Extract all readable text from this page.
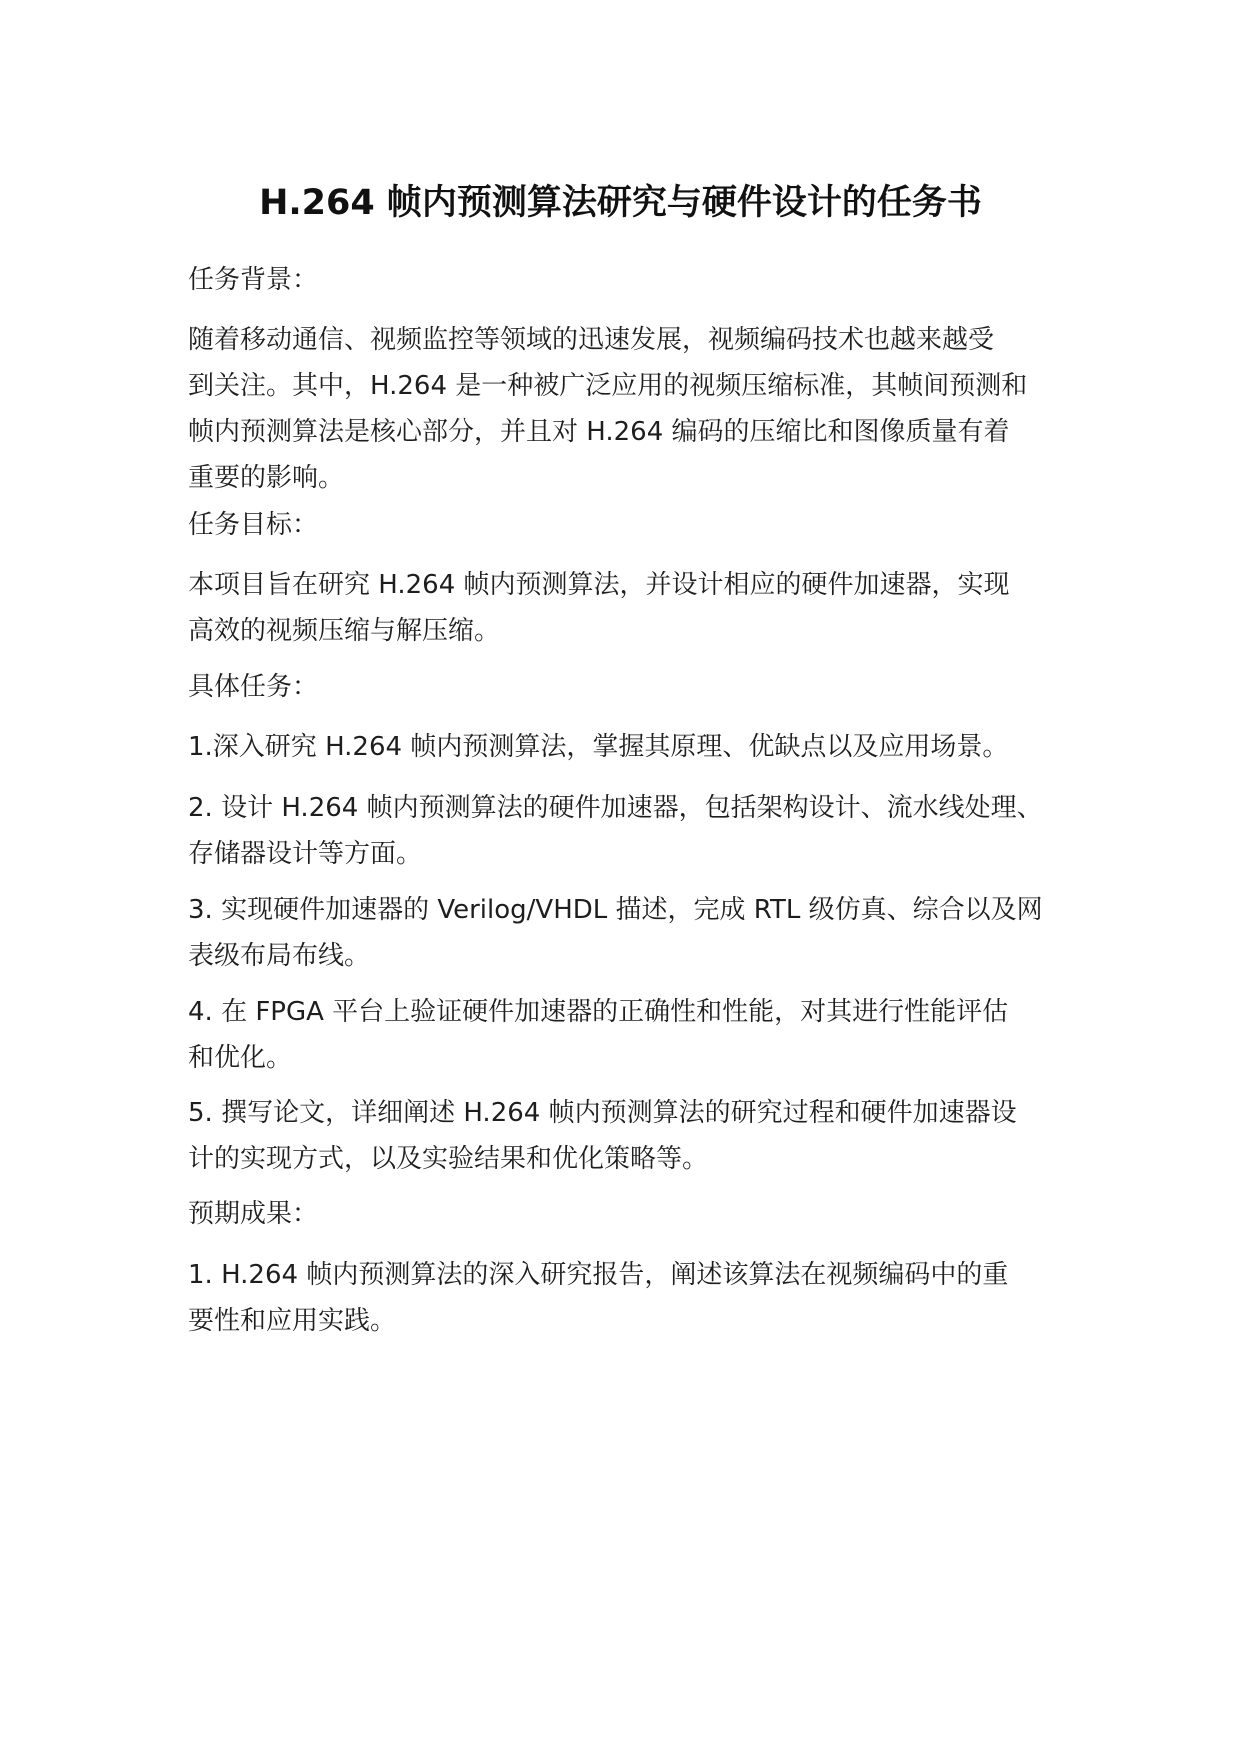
H.264 帧内预测算法研究与硬件设计的任务书
任务背景：
随着移动通信、视频监控等领域的迅速发展，视频编码技术也越来越受
到关注。其中，H.264 是一种被广泛应用的视频压缩标准，其帧间预测和
帧内预测算法是核心部分，并且对 H.264 编码的压缩比和图像质量有着
重要的影响。
任务目标：
本项目旨在研究 H.264 帧内预测算法，并设计相应的硬件加速器，实现
高效的视频压缩与解压缩。
具体任务：
1.深入研究 H.264 帧内预测算法，掌握其原理、优缺点以及应用场景。
2. 设计 H.264 帧内预测算法的硬件加速器，包括架构设计、流水线处理、
存储器设计等方面。
3. 实现硬件加速器的 Verilog/VHDL 描述，完成 RTL 级仿真、综合以及网
表级布局布线。
4. 在 FPGA 平台上验证硬件加速器的正确性和性能，对其进行性能评估
和优化。
5. 撰写论文，详细阐述 H.264 帧内预测算法的研究过程和硬件加速器设
计的实现方式，以及实验结果和优化策略等。
预期成果：
1. H.264 帧内预测算法的深入研究报告，阐述该算法在视频编码中的重
要性和应用实践。
